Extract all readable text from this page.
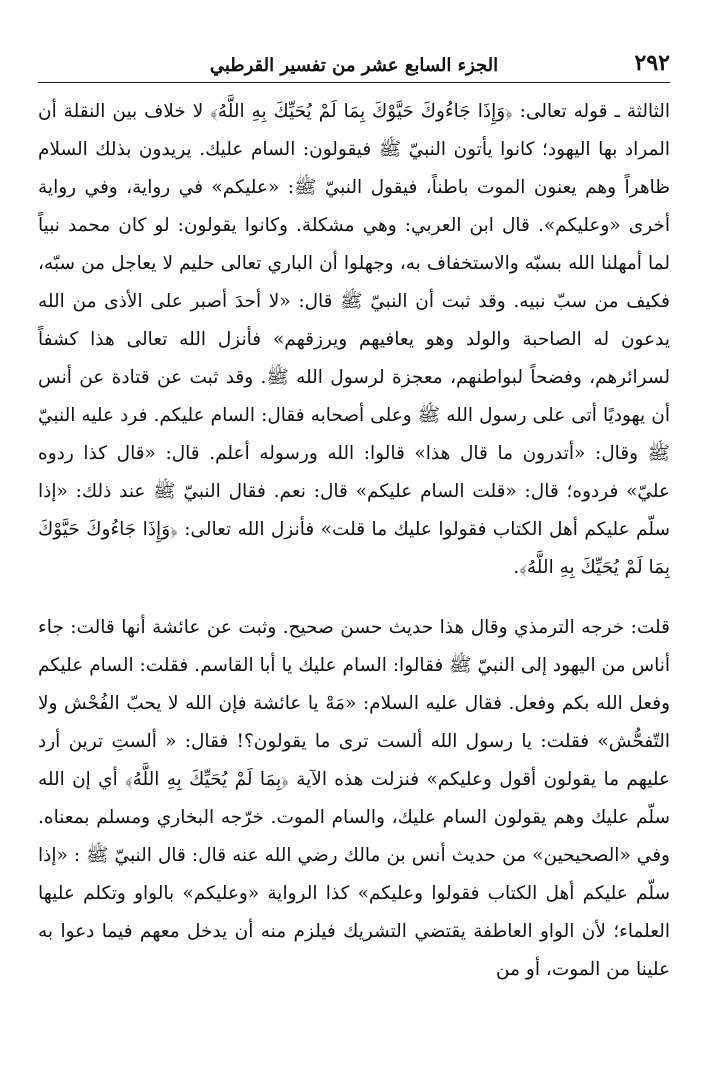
٢٩٢
الجزء السابع عشر من تفسير القرطبي

الثالثة ـ قوله تعالى: ﴿وَإِذَا جَاءُوكَ حَيَّوْكَ بِمَا لَمْ يُحَيِّكَ بِهِ اللَّهُ﴾ لا خلاف بين النقلة أن المراد بها اليهود؛ كانوا يأتون النبيّ ﷺ فيقولون: السام عليك. يريدون بذلك السلام ظاهراً وهم يعنون الموت باطناً، فيقول النبيّ ﷺ: «عليكم» في رواية، وفي رواية أخرى «وعليكم». قال ابن العربي: وهي مشكلة. وكانوا يقولون: لو كان محمد نبياً لما أمهلنا الله بسبّه والاستخفاف به، وجهلوا أن الباري تعالى حليم لا يعاجل من سبّه، فكيف من سبّ نبيه. وقد ثبت أن النبيّ ﷺ قال: «لا أحدَ أصبر على الأذى من الله يدعون له الصاحبة والولد وهو يعافيهم ويرزقهم» فأنزل الله تعالى هذا كشفاً لسرائرهم، وفضحاً لبواطنهم، معجزة لرسول الله ﷺ. وقد ثبت عن قتادة عن أنس أن يهوديًا أتى على رسول الله ﷺ وعلى أصحابه فقال: السام عليكم. فرد عليه النبيّ ﷺ وقال: «أتدرون ما قال هذا» قالوا: الله ورسوله أعلم. قال: «قال كذا ردوه عليّ» فردوه؛ قال: «قلت السام عليكم» قال: نعم. فقال النبيّ ﷺ عند ذلك: «إذا سلّم عليكم أهل الكتاب فقولوا عليك ما قلت» فأنزل الله تعالى: ﴿وَإِذَا جَاءُوكَ حَيَّوْكَ بِمَا لَمْ يُحَيِّكَ بِهِ اللَّهُ﴾.

قلت: خرجه الترمذي وقال هذا حديث حسن صحيح. وثبت عن عائشة أنها قالت: جاء أناس من اليهود إلى النبيّ ﷺ فقالوا: السام عليك يا أبا القاسم. فقلت: السام عليكم وفعل الله بكم وفعل. فقال عليه السلام: «مَهْ يا عائشة فإن الله لا يحبّ الفُحْش ولا التّفحُّش» فقلت: يا رسول الله ألست ترى ما يقولون؟! فقال: « ألستِ ترين أرد عليهم ما يقولون أقول وعليكم» فنزلت هذه الآية ﴿بِمَا لَمْ يُحَيِّكَ بِهِ اللَّهُ﴾ أي إن الله سلّم عليك وهم يقولون السام عليك، والسام الموت. خرّجه البخاري ومسلم بمعناه. وفي «الصحيحين» من حديث أنس بن مالك رضي الله عنه قال: قال النبيّ ﷺ : «إذا سلّم عليكم أهل الكتاب فقولوا وعليكم» كذا الرواية «وعليكم» بالواو وتكلم عليها العلماء؛ لأن الواو العاطفة يقتضي التشريك فيلزم منه أن يدخل معهم فيما دعوا به علينا من الموت، أو من
